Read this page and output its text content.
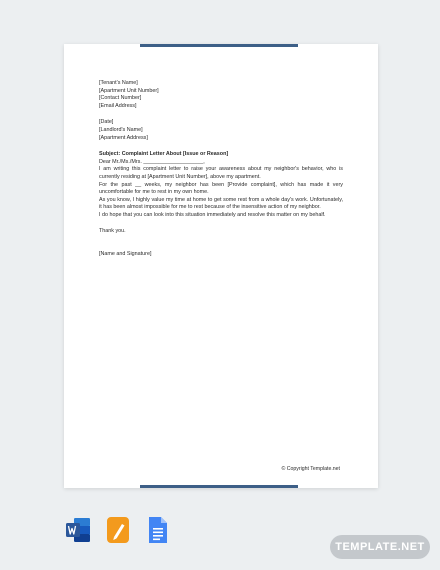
[Tenant's Name]

[Apartment Unit Number]

[Contact Number]

[Email Address]

[Date]

[Landlord's Name]

[Apartment Address]

Subject: Complaint Letter About [Issue or Reason]

Dear Mr./Ms./Mrs. ____________________,

I am writing this complaint letter to raise your awareness about my neighbor's behavior, who is currently residing at [Apartment Unit Number], above my apartment.

For the past __ weeks, my neighbor has been [Provide complaint], which has made it very uncomfortable for me to rest in my own home.

As you know, I highly value my time at home to get some rest from a whole day's work. Unfortunately, it has been almost impossible for me to rest because of the insensitive action of my neighbor.

I do hope that you can look into this situation immediately and resolve this matter on my behalf.

Thank you.

[Name and Signature]

© Copyright Template.net
TEMPLATE.NET
